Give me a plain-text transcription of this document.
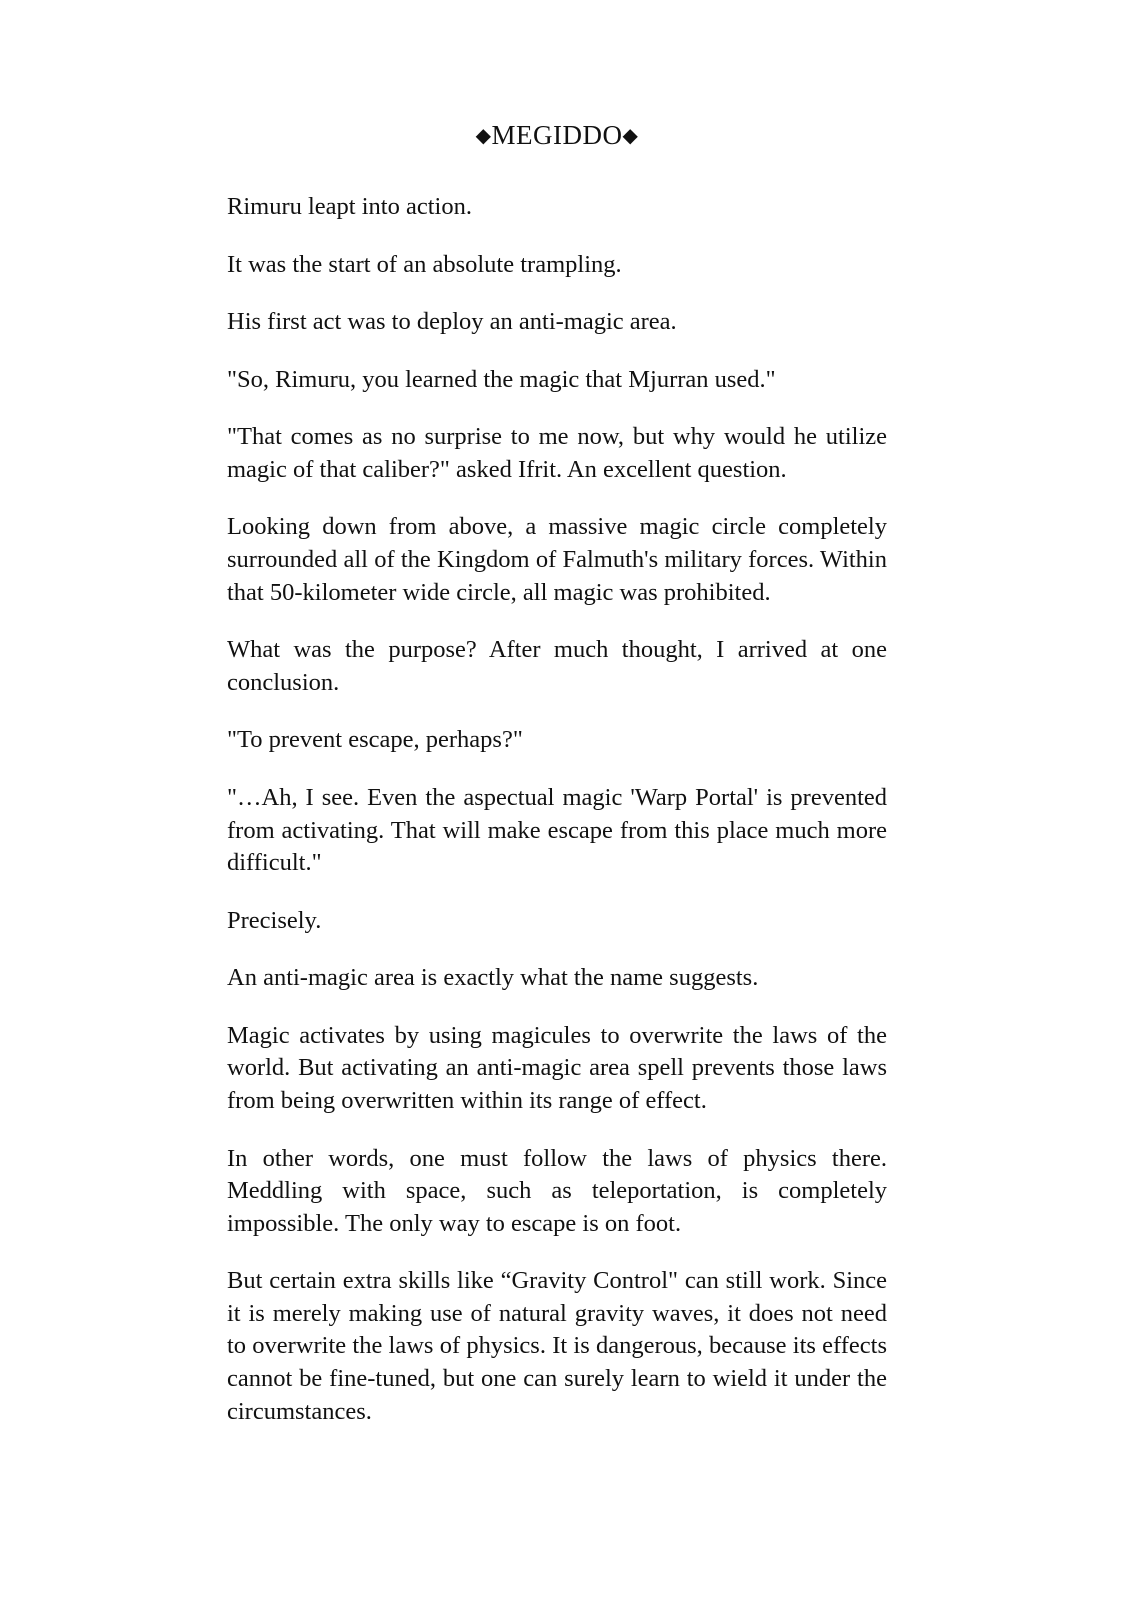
◆MEGIDDO◆

Rimuru leapt into action.

It was the start of an absolute trampling.

His first act was to deploy an anti-magic area.

"So, Rimuru, you learned the magic that Mjurran used."

"That comes as no surprise to me now, but why would he utilize magic of that caliber?" asked Ifrit. An excellent question.

Looking down from above, a massive magic circle completely surrounded all of the Kingdom of Falmuth's military forces. Within that 50-kilometer wide circle, all magic was prohibited.

What was the purpose? After much thought, I arrived at one conclusion.

"To prevent escape, perhaps?"

"…Ah, I see. Even the aspectual magic 'Warp Portal' is prevented from activating. That will make escape from this place much more difficult."

Precisely.

An anti-magic area is exactly what the name suggests.

Magic activates by using magicules to overwrite the laws of the world. But activating an anti-magic area spell prevents those laws from being overwritten within its range of effect.

In other words, one must follow the laws of physics there. Meddling with space, such as teleportation, is completely impossible. The only way to escape is on foot.

But certain extra skills like “Gravity Control" can still work. Since it is merely making use of natural gravity waves, it does not need to overwrite the laws of physics. It is dangerous, because its effects cannot be fine-tuned, but one can surely learn to wield it under the circumstances.
